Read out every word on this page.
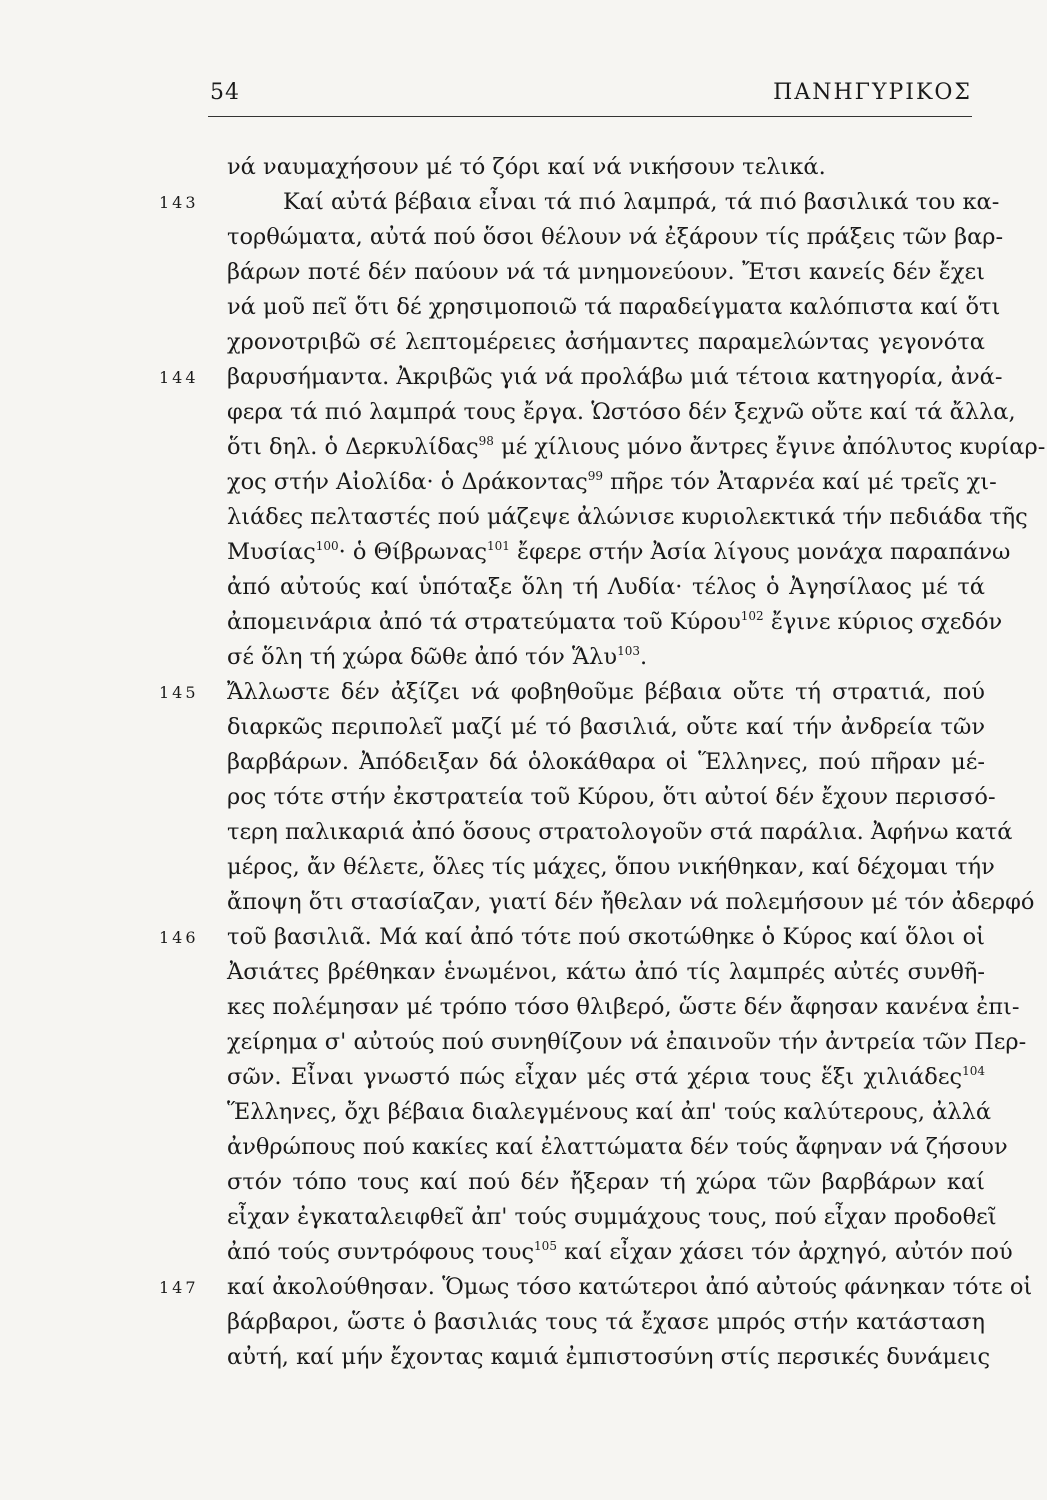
54	ΠΑΝΗΓΥΡΙΚΟΣ
νά ναυμαχήσουν μέ τό ζόρι καί νά νικήσουν τελικά.
143	Καί αὐτά βέβαια εἶναι τά πιό λαμπρά, τά πιό βασιλικά του κα-
τορθώματα, αὐτά πού ὅσοι θέλουν νά ἐξάρουν τίς πράξεις τῶν βαρ-
βάρων ποτέ δέν παύουν νά τά μνημονεύουν. Ἔτσι κανείς δέν ἔχει
νά μοῦ πεῖ ὅτι δέ χρησιμοποιῶ τά παραδείγματα καλόπιστα καί ὅτι
χρονοτριβῶ σέ λεπτομέρειες ἀσήμαντες παραμελώντας γεγονότα
144 βαρυσήμαντα. Ἀκριβῶς γιά νά προλάβω μιά τέτοια κατηγορία, ἀνά-
φερα τά πιό λαμπρά τους ἔργα. Ὡστόσο δέν ξεχνῶ οὔτε καί τά ἄλλα,
ὅτι δηλ. ὁ Δερκυλίδας$^{98}$ μέ χίλιους μόνο ἄντρες ἔγινε ἀπόλυτος κυρίαρ-
χος στήν Αἰολίδα· ὁ Δράκοντας$^{99}$ πῆρε τόν Ἀταρνέα καί μέ τρεῖς χι-
λιάδες πελταστές πού μάζεψε ἀλώνισε κυριολεκτικά τήν πεδιάδα τῆς
Μυσίας$^{100}$· ὁ Θίβρωνας$^{101}$ ἔφερε στήν Ἀσία λίγους μονάχα παραπάνω
ἀπό αὐτούς καί ὑπόταξε ὅλη τή Λυδία· τέλος ὁ Ἀγησίλαος μέ τά
ἀπομεινάρια ἀπό τά στρατεύματα τοῦ Κύρου$^{102}$ ἔγινε κύριος σχεδόν
σέ ὅλη τή χώρα δῶθε ἀπό τόν Ἅλυ$^{103}$.
145 Ἄλλωστε δέν ἀξίζει νά φοβηθοῦμε βέβαια οὔτε τή στρατιά, πού
διαρκῶς περιπολεῖ μαζί μέ τό βασιλιά, οὔτε καί τήν ἀνδρεία τῶν
βαρβάρων. Ἀπόδειξαν δά ὁλοκάθαρα οἱ Ἕλληνες, πού πῆραν μέ-
ρος τότε στήν ἐκστρατεία τοῦ Κύρου, ὅτι αὐτοί δέν ἔχουν περισσό-
τερη παλικαριά ἀπό ὅσους στρατολογοῦν στά παράλια. Ἀφήνω κατά
μέρος, ἄν θέλετε, ὅλες τίς μάχες, ὅπου νικήθηκαν, καί δέχομαι τήν
ἄποψη ὅτι στασίαζαν, γιατί δέν ἤθελαν νά πολεμήσουν μέ τόν ἀδερφό
146 τοῦ βασιλιᾶ. Μά καί ἀπό τότε πού σκοτώθηκε ὁ Κύρος καί ὅλοι οἱ
Ἀσιάτες βρέθηκαν ἑνωμένοι, κάτω ἀπό τίς λαμπρές αὐτές συνθῆ-
κες πολέμησαν μέ τρόπο τόσο θλιβερό, ὥστε δέν ἄφησαν κανένα ἐπι-
χείρημα σ' αὐτούς πού συνηθίζουν νά ἐπαινοῦν τήν ἀντρεία τῶν Περ-
σῶν. Εἶναι γνωστό πώς εἶχαν μές στά χέρια τους ἕξι χιλιάδες$^{104}$
Ἕλληνες, ὄχι βέβαια διαλεγμένους καί ἀπ' τούς καλύτερους, ἀλλά
ἀνθρώπους πού κακίες καί ἐλαττώματα δέν τούς ἄφηναν νά ζήσουν
στόν τόπο τους καί πού δέν ἤξεραν τή χώρα τῶν βαρβάρων καί
εἶχαν ἐγκαταλειφθεῖ ἀπ' τούς συμμάχους τους, πού εἶχαν προδοθεῖ
ἀπό τούς συντρόφους τους$^{105}$ καί εἶχαν χάσει τόν ἀρχηγό, αὐτόν πού
147 καί ἀκολούθησαν. Ὅμως τόσο κατώτεροι ἀπό αὐτούς φάνηκαν τότε οἱ
βάρβαροι, ὥστε ὁ βασιλιάς τους τά ἔχασε μπρός στήν κατάσταση
αὐτή, καί μήν ἔχοντας καμιά ἐμπιστοσύνη στίς περσικές δυνάμεις
